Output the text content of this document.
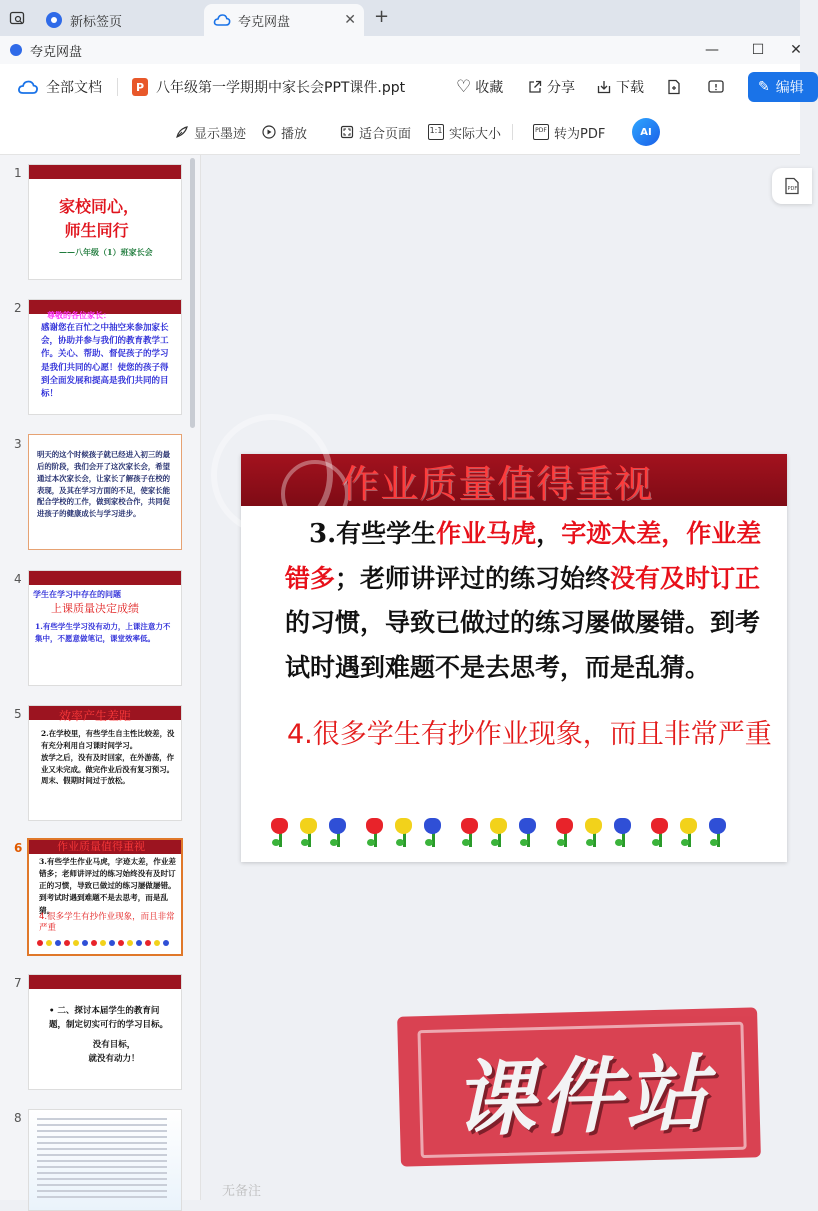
新标签页	夸克网盘	✕ +
夸克网盘	—	☐	✕
全部文档	P 八年级第一学期期中家长会PPT课件.ppt	♡ 收藏	分享	下载	✎ 编辑
显示墨迹	播放	适合页面 1:1 实际大小	PDF 转为PDF	AI
PDF
1
家校同心，
师生同行
——八年级（1）班家长会
2	尊敬的各位家长：
感谢您在百忙之中抽空来参加家长会，协助并参与我们的教育教学工作。关心、帮助、督促孩子的学习是我们共同的心愿！使您的孩子得到全面发展和提高是我们共同的目标！
3
明天的这个时候孩子就已经进入初三的最后的阶段，我们会开了这次家长会，希望通过本次家长会，让家长了解孩子在校的表现，及其在学习方面的不足，使家长能配合学校的工作，做到家校合作，共同促进孩子的健康成长与学习进步。
4
学生在学习中存在的问题
上课质量决定成绩
1.有些学生学习没有动力，上课注意力不集中，不愿意做笔记，课堂效率低。
5	效率产生差距
2.在学校里，有些学生自主性比较差，没有充分利用自习课时间学习。
放学之后，没有及时回家，在外游荡，作业又未完成。做完作业后没有复习预习。
周末、假期时间过于放松。
6	作业质量值得重视
3.有些学生作业马虎，字迹太差，作业差错多；老师讲评过的练习始终没有及时订正的习惯，导致已做过的练习屡做屡错。到考试时遇到难题不是去思考，而是乱猜。
4.很多学生有抄作业现象，而且非常严重
7
• 二、探讨本届学生的教育问题，制定切实可行的学习目标。
没有目标，
就没有动力！
8
作业质量值得重视
3.有些学生作业马虎，字迹太差，作业差错多；老师讲评过的练习始终没有及时订正的习惯，导致已做过的练习屡做屡错。到考试时遇到难题不是去思考，而是乱猜。
4.很多学生有抄作业现象，而且非常严重
课件站
无备注
